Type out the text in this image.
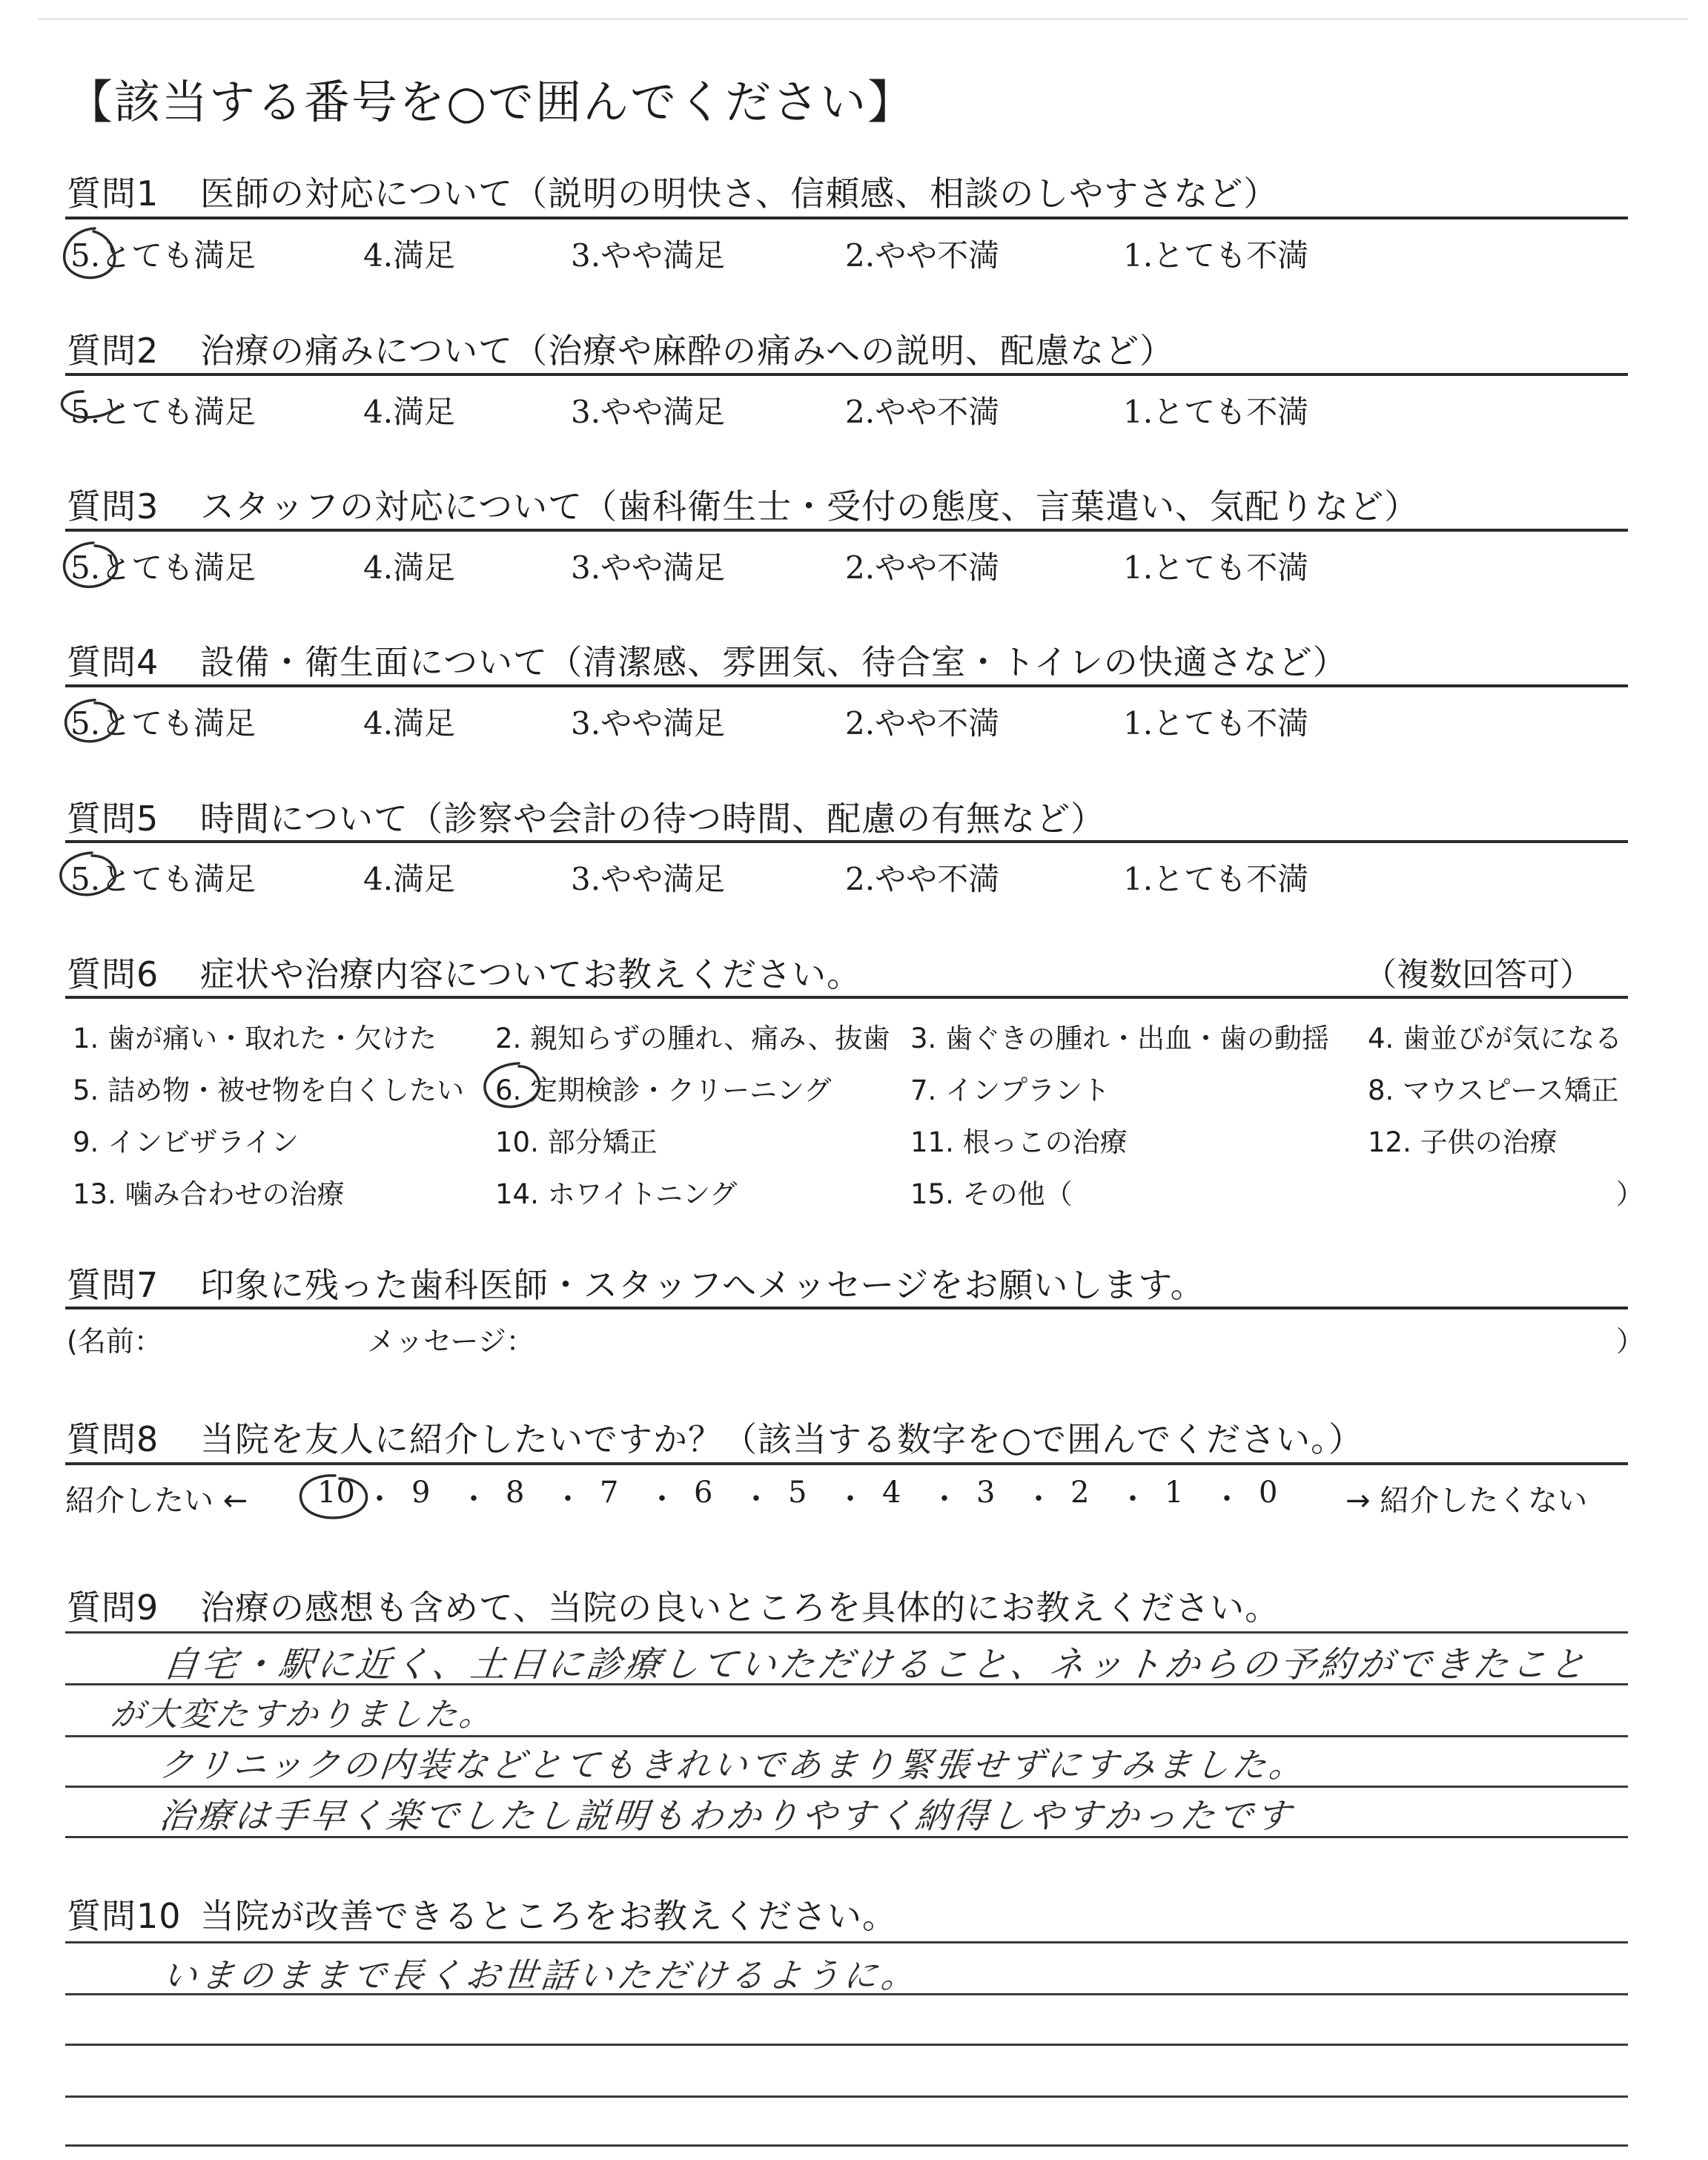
【該当する番号を○で囲んでください】
質問1 医師の対応について（説明の明快さ、信頼感、相談のしやすさなど）
5.とても満足	4.満足	3.やや満足	2.やや不満	1.とても不満
質問2 治療の痛みについて（治療や麻酔の痛みへの説明、配慮など）
5.とても満足	4.満足	3.やや満足	2.やや不満	1.とても不満
質問3 スタッフの対応について（歯科衛生士・受付の態度、言葉遣い、気配りなど）
5.とても満足	4.満足	3.やや満足	2.やや不満	1.とても不満
質問4 設備・衛生面について（清潔感、雰囲気、待合室・トイレの快適さなど）
5.とても満足	4.満足	3.やや満足	2.やや不満	1.とても不満
質問5 時間について（診察や会計の待つ時間、配慮の有無など）
5.とても満足	4.満足	3.やや満足	2.やや不満	1.とても不満
質問6 症状や治療内容についてお教えください。	（複数回答可）
1. 歯が痛い・取れた・欠けた 2. 親知らずの腫れ、痛み、抜歯 3. 歯ぐきの腫れ・出血・歯の動揺 4. 歯並びが気になる
5. 詰め物・被せ物を白くしたい 6. 定期検診・クリーニング	7. インプラント	8. マウスピース矯正
9. インビザライン	10. 部分矯正	11. 根っこの治療	12. 子供の治療
13. 噛み合わせの治療	14. ホワイトニング	15. その他（	）
質問7 印象に残った歯科医師・スタッフへメッセージをお願いします。
(名前：	メッセージ：	）
質問8 当院を友人に紹介したいですか？（該当する数字を○で囲んでください。）
紹介したい ←	→ 紹介したくない
10 ・ 9 ・ 8 ・ 7 ・ 6 ・ 5 ・ 4 ・ 3 ・ 2 ・ 1 ・ 0
質問9 治療の感想も含めて、当院の良いところを具体的にお教えください。
自宅・駅に近く、土日に診療していただけること、ネットからの予約ができたこと
が大変たすかりました。
クリニックの内装などとてもきれいであまり緊張せずにすみました。
治療は手早く楽でしたし説明もわかりやすく納得しやすかったです
質問10 当院が改善できるところをお教えください。
いまのままで長くお世話いただけるように。
